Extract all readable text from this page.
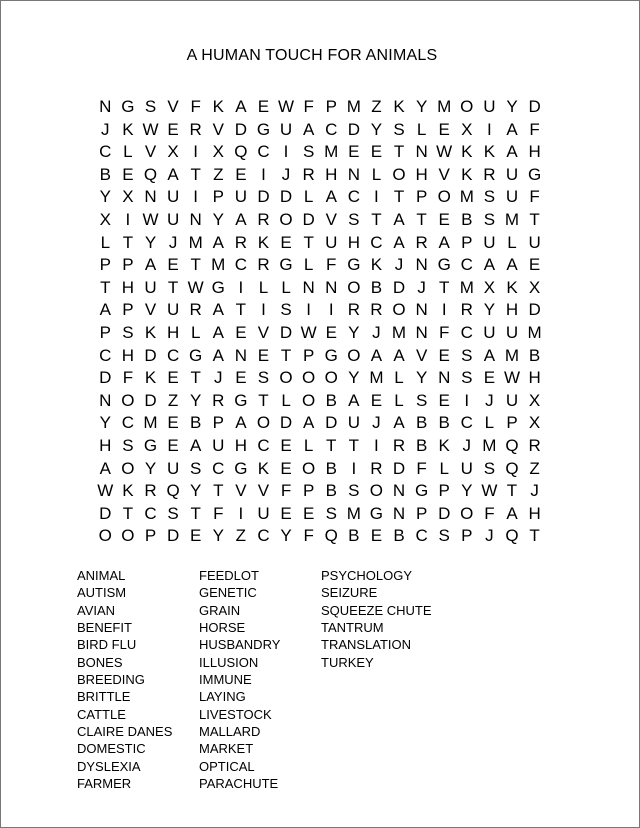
A HUMAN TOUCH FOR ANIMALS
N G S V F K A E W F P M Z K Y M O U Y D
J K W E R V D G U A C D Y S L E X I A F
C L V X I X Q C I S M E E T N W K K A H
B E Q A T Z E I J R H N L O H V K R U G
Y X N U I P U D D L A C I T P O M S U F
X I W U N Y A R O D V S T A T E B S M T
L T Y J M A R K E T U H C A R A P U L U
P P A E T M C R G L F G K J N G C A A E
T H U T W G I L L N N O B D J T M X K X
A P V U R A T I S I	I R R O N I R Y H D
P S K H L A E V D W E Y J M N F C U U M
C H D C G A N E T P G O A A V E S A M B
D F K E T J E S O O O Y M L Y N S E W H
N O D Z Y R G T L O B A E L S E I J U X
Y C M E B P A O D A D U J A B B C L P X
H S G E A U H C E L T T I R B K J M Q R
A O Y U S C G K E O B I R D F L U S Q Z
W K R Q Y T V V F P B S O N G P Y W T J
D T C S T F I U E E S M G N P D O F A H
O O P D E Y Z C Y F Q B E B C S P J Q T
ANIMAL
AUTISM
AVIAN
BENEFIT
BIRD FLU
BONES
BREEDING
BRITTLE
CATTLE
CLAIRE DANES
DOMESTIC
DYSLEXIA
FARMER
FEEDLOT
GENETIC
GRAIN
HORSE
HUSBANDRY
ILLUSION
IMMUNE
LAYING
LIVESTOCK
MALLARD
MARKET
OPTICAL
PARACHUTE
PSYCHOLOGY
SEIZURE
SQUEEZE CHUTE
TANTRUM
TRANSLATION
TURKEY
